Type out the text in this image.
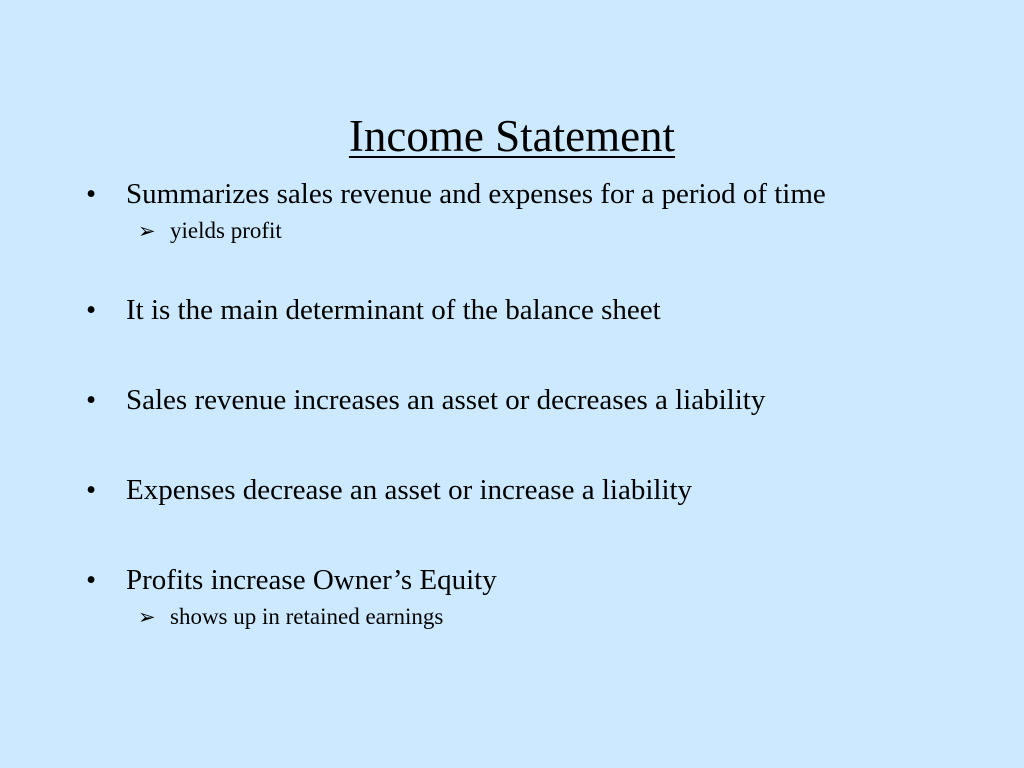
Income Statement
• Summarizes sales revenue and expenses for a period of time
➢ yields profit
• It is the main determinant of the balance sheet
• Sales revenue increases an asset or decreases a liability
• Expenses decrease an asset or increase a liability
• Profits increase Owner’s Equity
➢ shows up in retained earnings
